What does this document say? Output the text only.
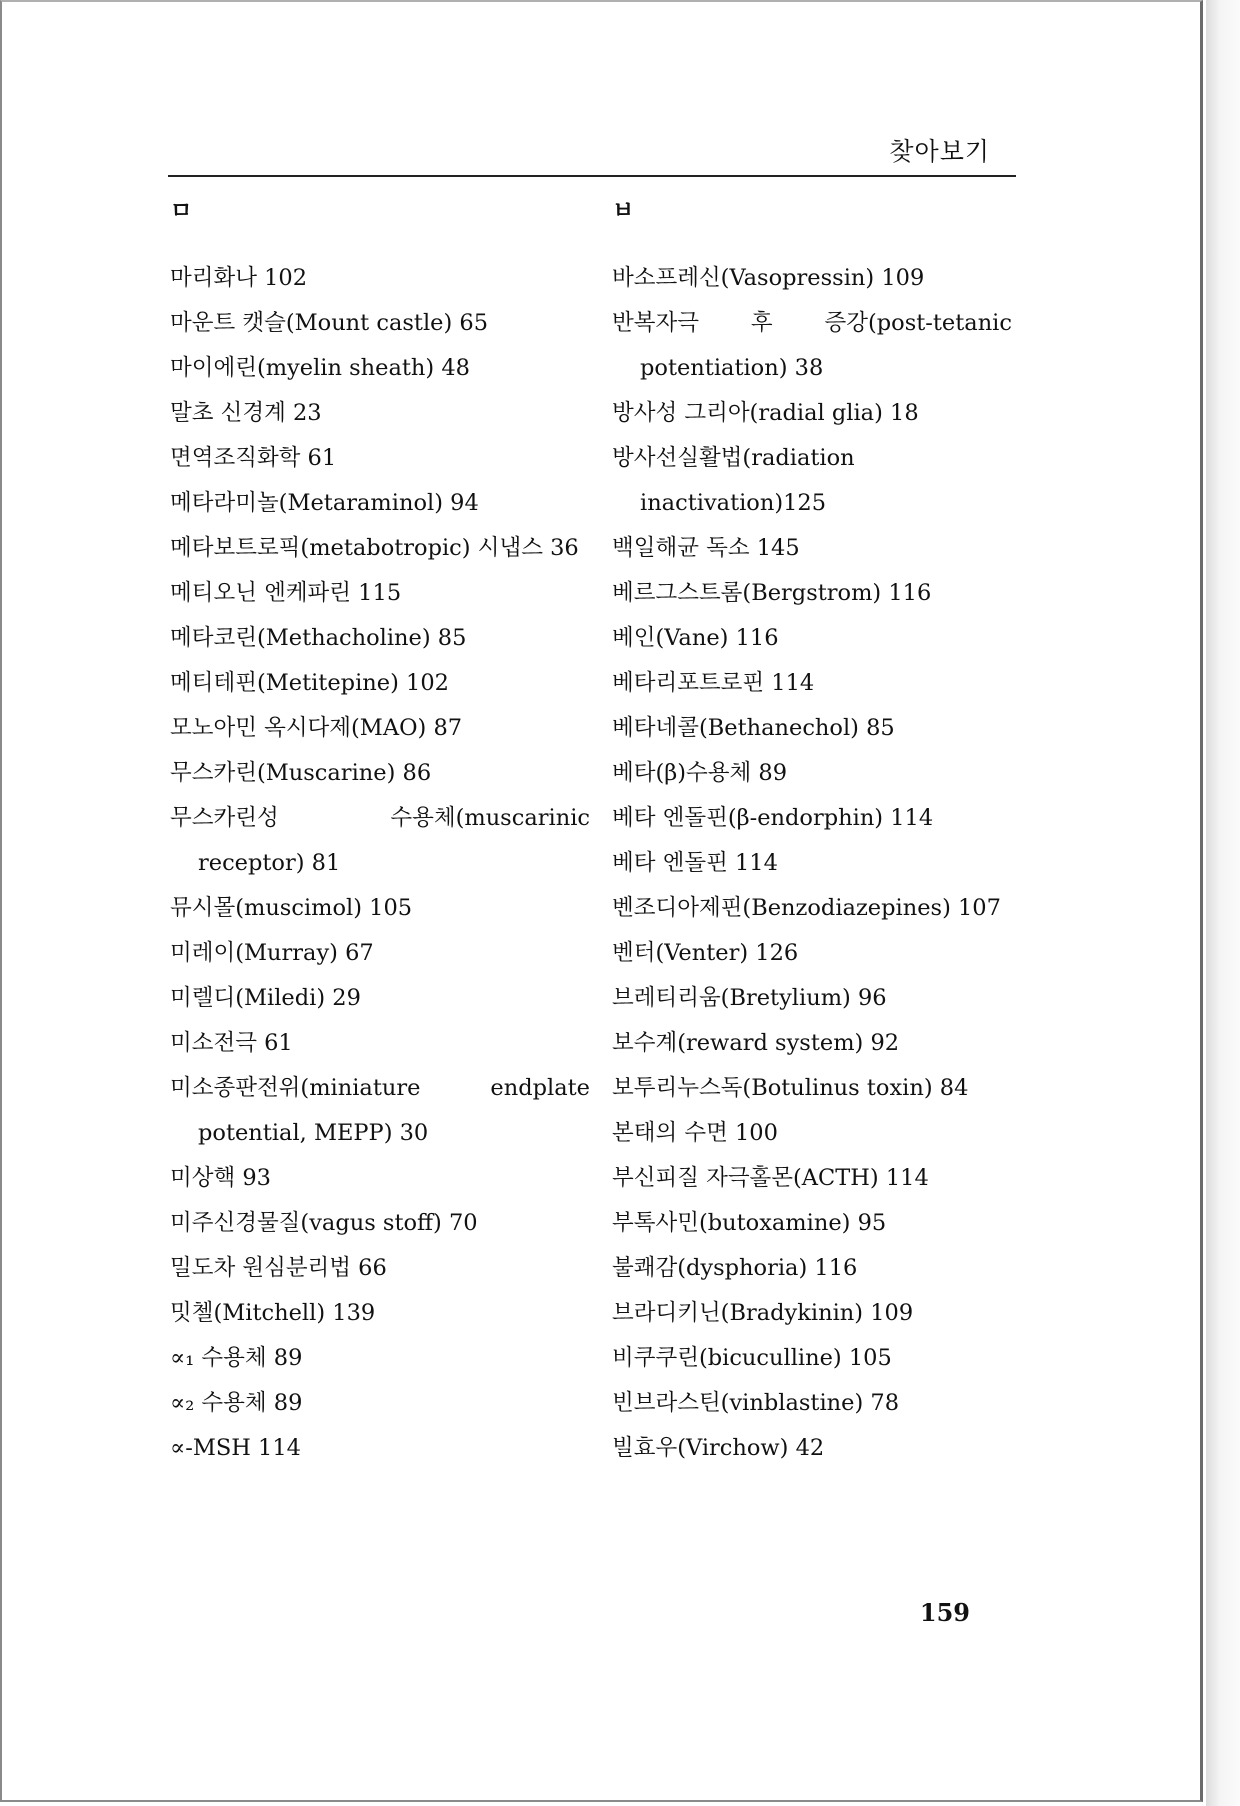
찾아보기
ㅁ
마리화나 102
마운트 캣슬(Mount castle) 65
마이에린(myelin sheath) 48
말초 신경계 23
면역조직화학 61
메타라미놀(Metaraminol) 94
메타보트로픽(metabotropic) 시냅스 36
메티오닌 엔케파린 115
메타코린(Methacholine) 85
메티테핀(Metitepine) 102
모노아민 옥시다제(MAO) 87
무스카린(Muscarine) 86
무스카린성 수용체(muscarinic receptor) 81
뮤시몰(muscimol) 105
미레이(Murray) 67
미렐디(Miledi) 29
미소전극 61
미소종판전위(miniature endplate potential, MEPP) 30
미상핵 93
미주신경물질(vagus stoff) 70
밀도차 원심분리법 66
밋첼(Mitchell) 139
∝₁ 수용체 89
∝₂ 수용체 89
∝-MSH 114
ㅂ
바소프레신(Vasopressin) 109
반복자극 후 증강(post-tetanic potentiation) 38
방사성 그리아(radial glia) 18
방사선실활법(radiation inactivation)125
백일해균 독소 145
베르그스트롬(Bergstrom) 116
베인(Vane) 116
베타리포트로핀 114
베타네콜(Bethanechol) 85
베타(β)수용체 89
베타 엔돌핀(β-endorphin) 114
베타 엔돌핀 114
벤조디아제핀(Benzodiazepines) 107
벤터(Venter) 126
브레티리움(Bretylium) 96
보수계(reward system) 92
보투리누스독(Botulinus toxin) 84
본태의 수면 100
부신피질 자극홀몬(ACTH) 114
부톡사민(butoxamine) 95
불쾌감(dysphoria) 116
브라디키닌(Bradykinin) 109
비쿠쿠린(bicuculline) 105
빈브라스틴(vinblastine) 78
빌효우(Virchow) 42
159
